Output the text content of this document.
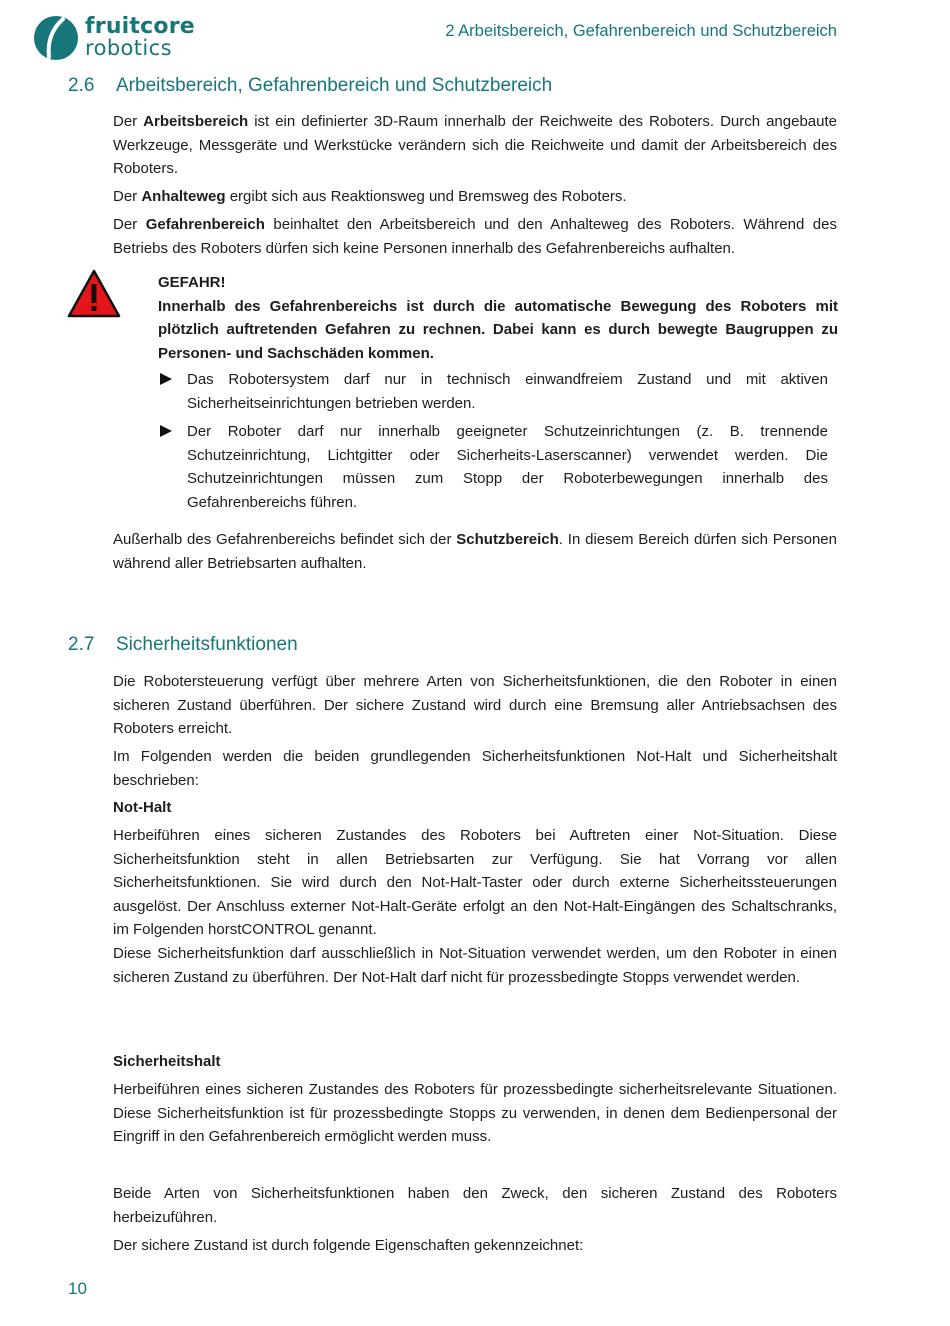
fruitcore
robotics
2 Arbeitsbereich, Gefahrenbereich und Schutzbereich
2.6 Arbeitsbereich, Gefahrenbereich und Schutzbereich

Der Arbeitsbereich ist ein definierter 3D-Raum innerhalb der Reichweite des Roboters. Durch angebaute Werkzeuge, Messgeräte und Werkstücke verändern sich die Reichweite und damit der Arbeitsbereich des Roboters.

Der Anhalteweg ergibt sich aus Reaktionsweg und Bremsweg des Roboters.

Der Gefahrenbereich beinhaltet den Arbeitsbereich und den Anhalteweg des Roboters. Während des Betriebs des Roboters dürfen sich keine Personen innerhalb des Gefahrenbereichs aufhalten.

GEFAHR!

Innerhalb des Gefahrenbereichs ist durch die automatische Bewegung des Roboters mit plötzlich auftretenden Gefahren zu rechnen. Dabei kann es durch bewegte Baugruppen zu Personen- und Sachschäden kommen.

Das Robotersystem darf nur in technisch einwandfreiem Zustand und mit aktiven Sicherheitseinrichtungen betrieben werden.
Der Roboter darf nur innerhalb geeigneter Schutzeinrichtungen (z. B. trennende Schutzeinrichtung, Lichtgitter oder Sicherheits-Laserscanner) verwendet werden. Die Schutzeinrichtungen müssen zum Stopp der Roboterbewegungen innerhalb des Gefahrenbereichs führen.

Außerhalb des Gefahrenbereichs befindet sich der Schutzbereich. In diesem Bereich dürfen sich Personen während aller Betriebsarten aufhalten.

2.7 Sicherheitsfunktionen

Die Robotersteuerung verfügt über mehrere Arten von Sicherheitsfunktionen, die den Roboter in einen sicheren Zustand überführen. Der sichere Zustand wird durch eine Bremsung aller Antriebsachsen des Roboters erreicht.

Im Folgenden werden die beiden grundlegenden Sicherheitsfunktionen Not-Halt und Sicherheitshalt beschrieben:

Not-Halt

Herbeiführen eines sicheren Zustandes des Roboters bei Auftreten einer Not-Situation. Diese Sicherheitsfunktion steht in allen Betriebsarten zur Verfügung. Sie hat Vorrang vor allen Sicherheitsfunktionen. Sie wird durch den Not-Halt-Taster oder durch externe Sicherheitssteuerungen ausgelöst. Der Anschluss externer Not-Halt-Geräte erfolgt an den Not-Halt-Eingängen des Schaltschranks, im Folgenden horstCONTROL genannt.

Diese Sicherheitsfunktion darf ausschließlich in Not-Situation verwendet werden, um den Roboter in einen sicheren Zustand zu überführen. Der Not-Halt darf nicht für prozessbedingte Stopps verwendet werden.

Sicherheitshalt

Herbeiführen eines sicheren Zustandes des Roboters für prozessbedingte sicherheitsrelevante Situationen. Diese Sicherheitsfunktion ist für prozessbedingte Stopps zu verwenden, in denen dem Bedienpersonal der Eingriff in den Gefahrenbereich ermöglicht werden muss.

Beide Arten von Sicherheitsfunktionen haben den Zweck, den sicheren Zustand des Roboters herbeizuführen.

Der sichere Zustand ist durch folgende Eigenschaften gekennzeichnet:

10
